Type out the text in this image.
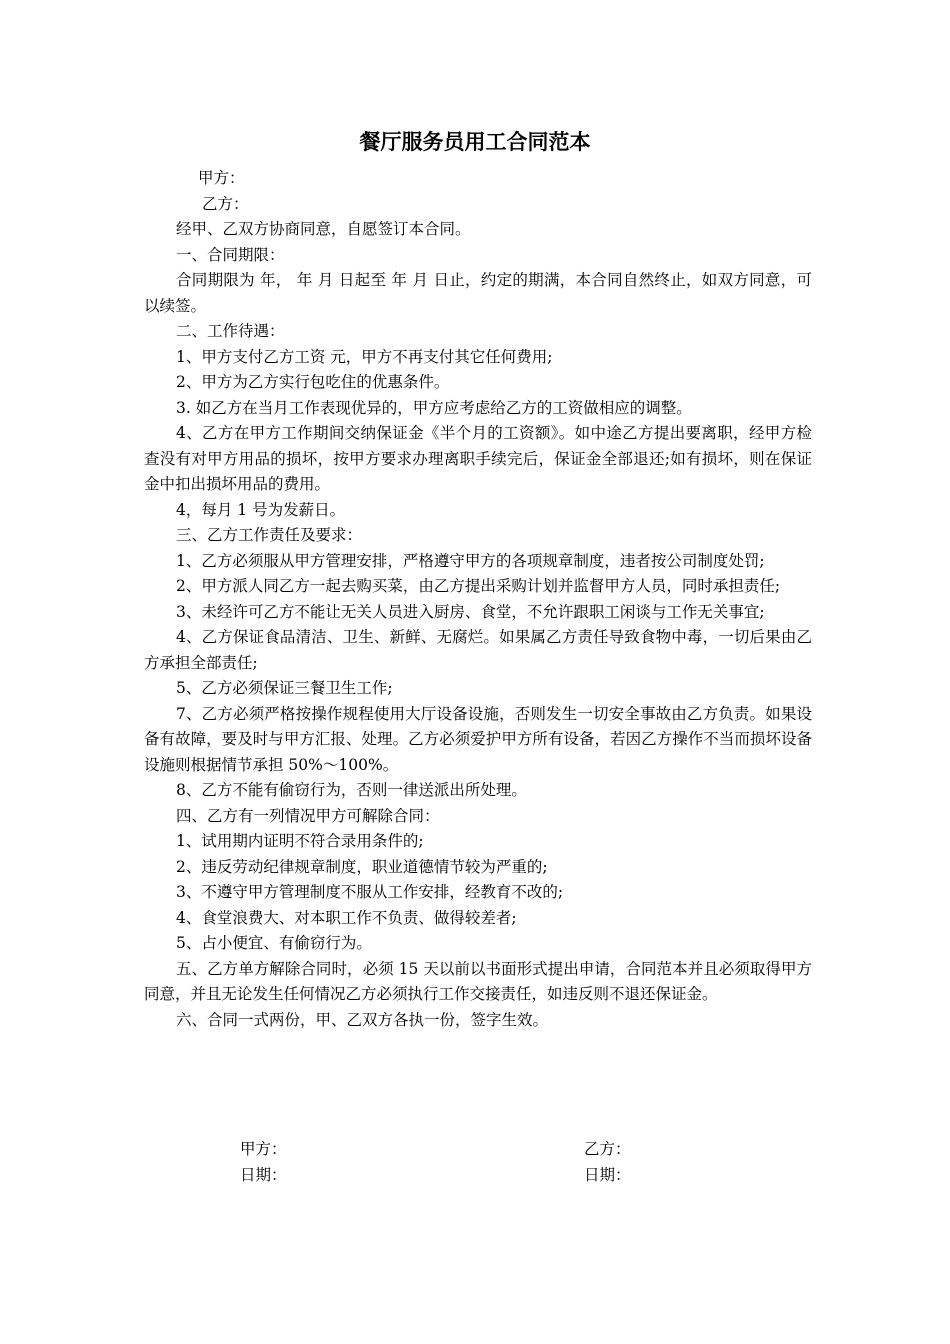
餐厅服务员用工合同范本

甲方：

乙方：

经甲、乙双方协商同意，自愿签订本合同。

一、合同期限：

合同期限为 年， 年 月 日起至 年 月 日止，约定的期满，本合同自然终止，如双方同意，可以续签。

二、工作待遇：

1、甲方支付乙方工资 元，甲方不再支付其它任何费用;

2、甲方为乙方实行包吃住的优惠条件。

3. 如乙方在当月工作表现优异的，甲方应考虑给乙方的工资做相应的调整。

4、乙方在甲方工作期间交纳保证金《半个月的工资额》。如中途乙方提出要离职，经甲方检查没有对甲方用品的损坏，按甲方要求办理离职手续完后，保证金全部退还;如有损坏，则在保证金中扣出损坏用品的费用。

4，每月 1 号为发薪日。

三、乙方工作责任及要求：

1、乙方必须服从甲方管理安排，严格遵守甲方的各项规章制度，违者按公司制度处罚;

2、甲方派人同乙方一起去购买菜，由乙方提出采购计划并监督甲方人员，同时承担责任;

3、未经许可乙方不能让无关人员进入厨房、食堂，不允许跟职工闲谈与工作无关事宜;

4、乙方保证食品清洁、卫生、新鲜、无腐烂。如果属乙方责任导致食物中毒，一切后果由乙方承担全部责任;

5、乙方必须保证三餐卫生工作;

7、乙方必须严格按操作规程使用大厅设备设施，否则发生一切安全事故由乙方负责。如果设备有故障，要及时与甲方汇报、处理。乙方必须爱护甲方所有设备，若因乙方操作不当而损坏设备设施则根据情节承担 50%～100%。

8、乙方不能有偷窃行为，否则一律送派出所处理。

四、乙方有一列情况甲方可解除合同：

1、试用期内证明不符合录用条件的;

2、违反劳动纪律规章制度，职业道德情节较为严重的;

3、不遵守甲方管理制度不服从工作安排，经教育不改的;

4、食堂浪费大、对本职工作不负责、做得较差者;

5、占小便宜、有偷窃行为。

五、乙方单方解除合同时，必须 15 天以前以书面形式提出申请，合同范本并且必须取得甲方同意，并且无论发生任何情况乙方必须执行工作交接责任，如违反则不退还保证金。

六、合同一式两份，甲、乙双方各执一份，签字生效。

甲方：
日期：
乙方：
日期：
